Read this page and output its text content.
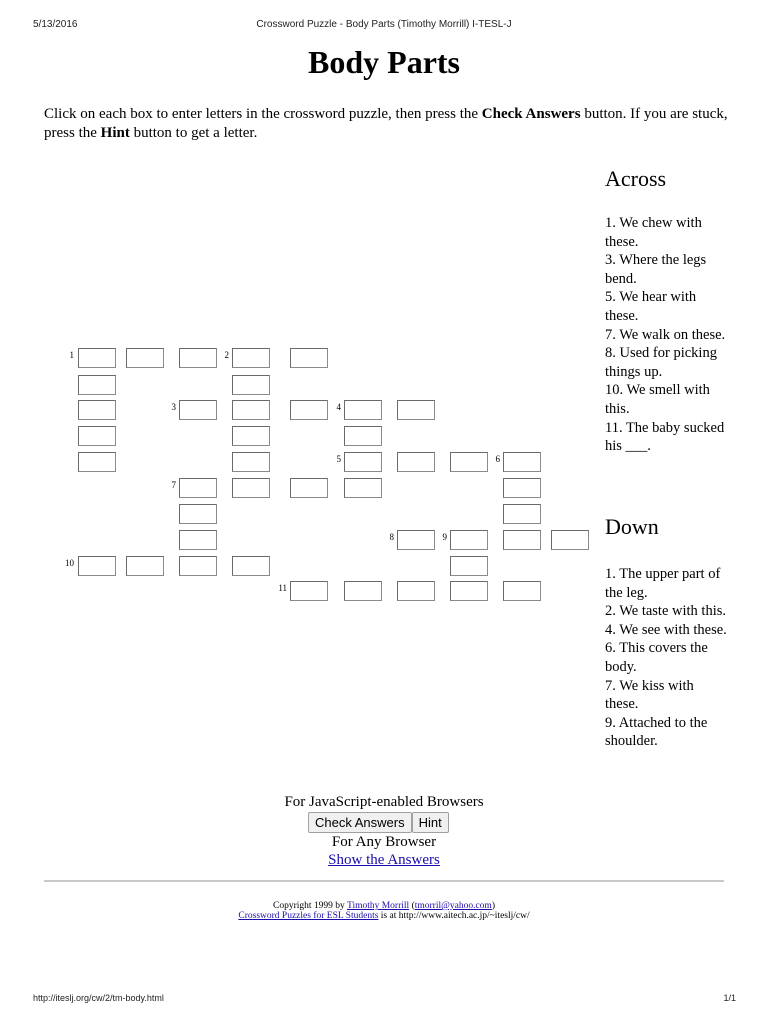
5/13/2016	Crossword Puzzle - Body Parts (Timothy Morrill) I-TESL-J
Body Parts

Click on each box to enter letters in the crossword puzzle, then press the Check Answers button. If you are stuck, press the Hint button to get a letter.

1	2
3	4
5	6
7
8	9
10
11
Across
1. We chew with these.
3. Where the legs bend.
5. We hear with these.
7. We walk on these.
8. Used for picking things up.
10. We smell with this.
11. The baby sucked his ___.
Down
1. The upper part of the leg.
2. We taste with this.
4. We see with these.
6. This covers the body.
7. We kiss with these.
9. Attached to the shoulder.
For JavaScript-enabled Browsers
Check Answers Hint
For Any Browser
Show the Answers
Copyright 1999 by Timothy Morrill (tmorril@yahoo.com)
Crossword Puzzles for ESL Students is at http://www.aitech.ac.jp/~iteslj/cw/
http://iteslj.org/cw/2/tm-body.html	1/1
